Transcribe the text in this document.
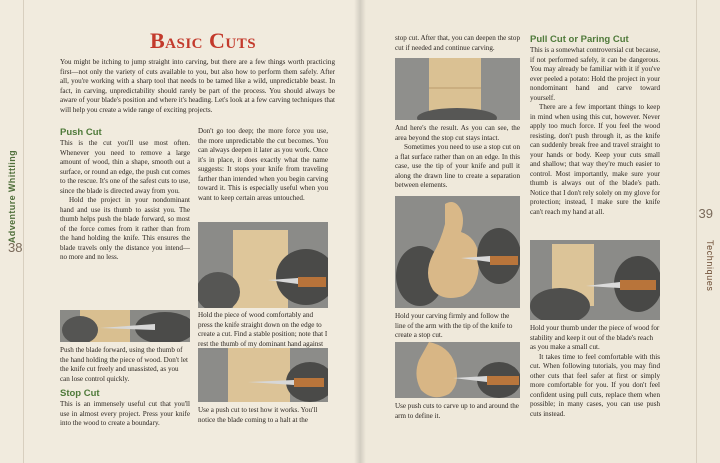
Adventure Whittling
Techniques
38
39
Basic Cuts
You might be itching to jump straight into carving, but there are a few things worth practicing first—not only the variety of cuts available to you, but also how to perform them safely. After all, you're working with a sharp tool that needs to be tamed like a wild, unpredictable beast. In fact, in carving, unpredictability should rarely be part of the process. You should always be aware of your blade's position and where it's heading. Let's look at a few carving techniques that will help you create a wide range of exciting projects.
Push Cut
This is the cut you'll use most often. Whenever you need to remove a large amount of wood, thin a shape, smooth out a surface, or round an edge, the push cut comes to the rescue. It's one of the safest cuts to use, since the blade is directed away from you.
Hold the project in your nondominant hand and use its thumb to assist you. The thumb helps push the blade forward, so most of the force comes from it rather than from the hand holding the knife. This ensures the blade travels only the distance you intend—no more and no less.
Push the blade forward, using the thumb of the hand holding the piece of wood. Don't let the knife cut freely and unassisted, as you can lose control quickly.
Stop Cut
This is an immensely useful cut that you'll use in almost every project. Press your knife into the wood to create a boundary.
Don't go too deep; the more force you use, the more unpredictable the cut becomes. You can always deepen it later as you work. Once it's in place, it does exactly what the name suggests: It stops your knife from traveling farther than intended when you begin carving toward it. This is especially useful when you want to keep certain areas untouched.
Hold the piece of wood comfortably and press the knife straight down on the edge to create a cut. Find a stable position; note that I rest the thumb of my dominant hand against
Use a push cut to test how it works. You'll notice the blade coming to a halt at the
stop cut. After that, you can deepen the stop cut if needed and continue carving.
And here's the result. As you can see, the area beyond the stop cut stays intact.
Sometimes you need to use a stop cut on a flat surface rather than on an edge. In this case, use the tip of your knife and pull it along the drawn line to create a separation between elements.
Hold your carving firmly and follow the line of the arm with the tip of the knife to create a stop cut.
Use push cuts to carve up to and around the arm to define it.
Pull Cut or Paring Cut
This is a somewhat controversial cut because, if not performed safely, it can be dangerous. You may already be familiar with it if you've ever peeled a potato: Hold the project in your nondominant hand and carve toward yourself.
There are a few important things to keep in mind when using this cut, however. Never apply too much force. If you feel the wood resisting, don't push through it, as the knife can suddenly break free and travel straight to your hands or body. Keep your cuts small and shallow; that way they're much easier to control. Most importantly, make sure your thumb is always out of the blade's path. Notice that I don't rely solely on my glove for protection; instead, I make sure the knife can't reach my hand at all.
Hold your thumb under the piece of wood for stability and keep it out of the blade's reach as you make a small cut.
It takes time to feel comfortable with this cut. When following tutorials, you may find other cuts that feel safer at first or simply more comfortable for you. If you don't feel confident using pull cuts, replace them when possible; in many cases, you can use push cuts instead.
